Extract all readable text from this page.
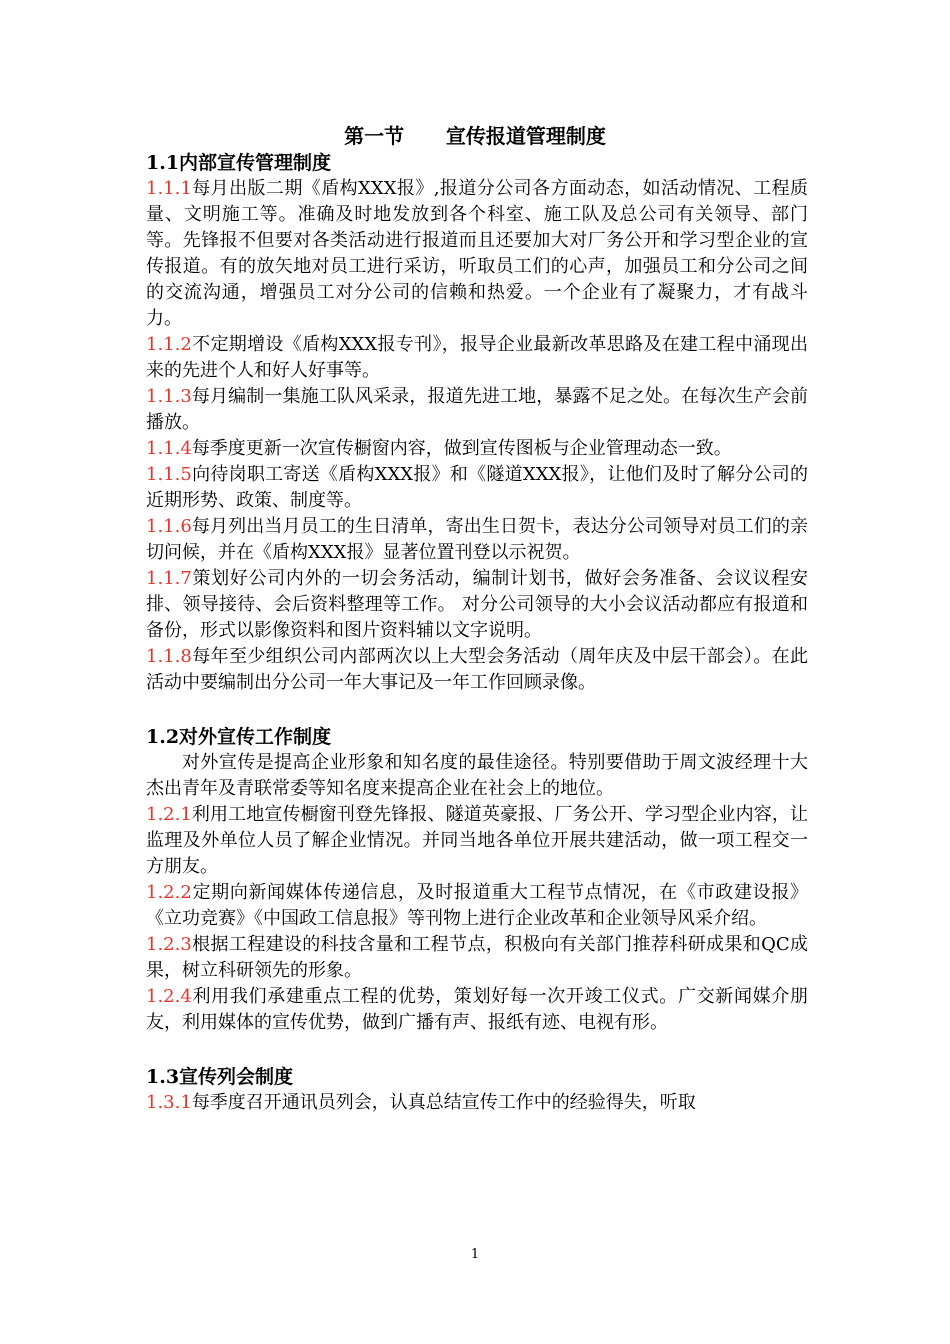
第一节      宣传报道管理制度
1.1内部宣传管理制度

1.1.1每月出版二期《盾构XXX报》,报道分公司各方面动态，如活动情况、工程质量、文明施工等。准确及时地发放到各个科室、施工队及总公司有关领导、部门等。先锋报不但要对各类活动进行报道而且还要加大对厂务公开和学习型企业的宣传报道。有的放矢地对员工进行采访，听取员工们的心声，加强员工和分公司之间的交流沟通，增强员工对分公司的信赖和热爱。一个企业有了凝聚力，才有战斗力。

1.1.2不定期增设《盾构XXX报专刊》，报导企业最新改革思路及在建工程中涌现出来的先进个人和好人好事等。

1.1.3每月编制一集施工队风采录，报道先进工地，暴露不足之处。在每次生产会前播放。

1.1.4每季度更新一次宣传橱窗内容，做到宣传图板与企业管理动态一致。

1.1.5向待岗职工寄送《盾构XXX报》和《隧道XXX报》，让他们及时了解分公司的近期形势、政策、制度等。

1.1.6每月列出当月员工的生日清单，寄出生日贺卡，表达分公司领导对员工们的亲切问候，并在《盾构XXX报》显著位置刊登以示祝贺。

1.1.7策划好公司内外的一切会务活动，编制计划书，做好会务准备、会议议程安排、领导接待、会后资料整理等工作。 对分公司领导的大小会议活动都应有报道和备份，形式以影像资料和图片资料辅以文字说明。

1.1.8每年至少组织公司内部两次以上大型会务活动（周年庆及中层干部会）。在此活动中要编制出分公司一年大事记及一年工作回顾录像。

1.2对外宣传工作制度

对外宣传是提高企业形象和知名度的最佳途径。特别要借助于周文波经理十大杰出青年及青联常委等知名度来提高企业在社会上的地位。

1.2.1利用工地宣传橱窗刊登先锋报、隧道英豪报、厂务公开、学习型企业内容，让监理及外单位人员了解企业情况。并同当地各单位开展共建活动，做一项工程交一方朋友。

1.2.2定期向新闻媒体传递信息，及时报道重大工程节点情况，在《市政建设报》《立功竞赛》《中国政工信息报》等刊物上进行企业改革和企业领导风采介绍。

1.2.3根据工程建设的科技含量和工程节点，积极向有关部门推荐科研成果和QC成果，树立科研领先的形象。

1.2.4利用我们承建重点工程的优势，策划好每一次开竣工仪式。广交新闻媒介朋友，利用媒体的宣传优势，做到广播有声、报纸有迹、电视有形。

1.3宣传列会制度

1.3.1每季度召开通讯员列会，认真总结宣传工作中的经验得失，听取

1
